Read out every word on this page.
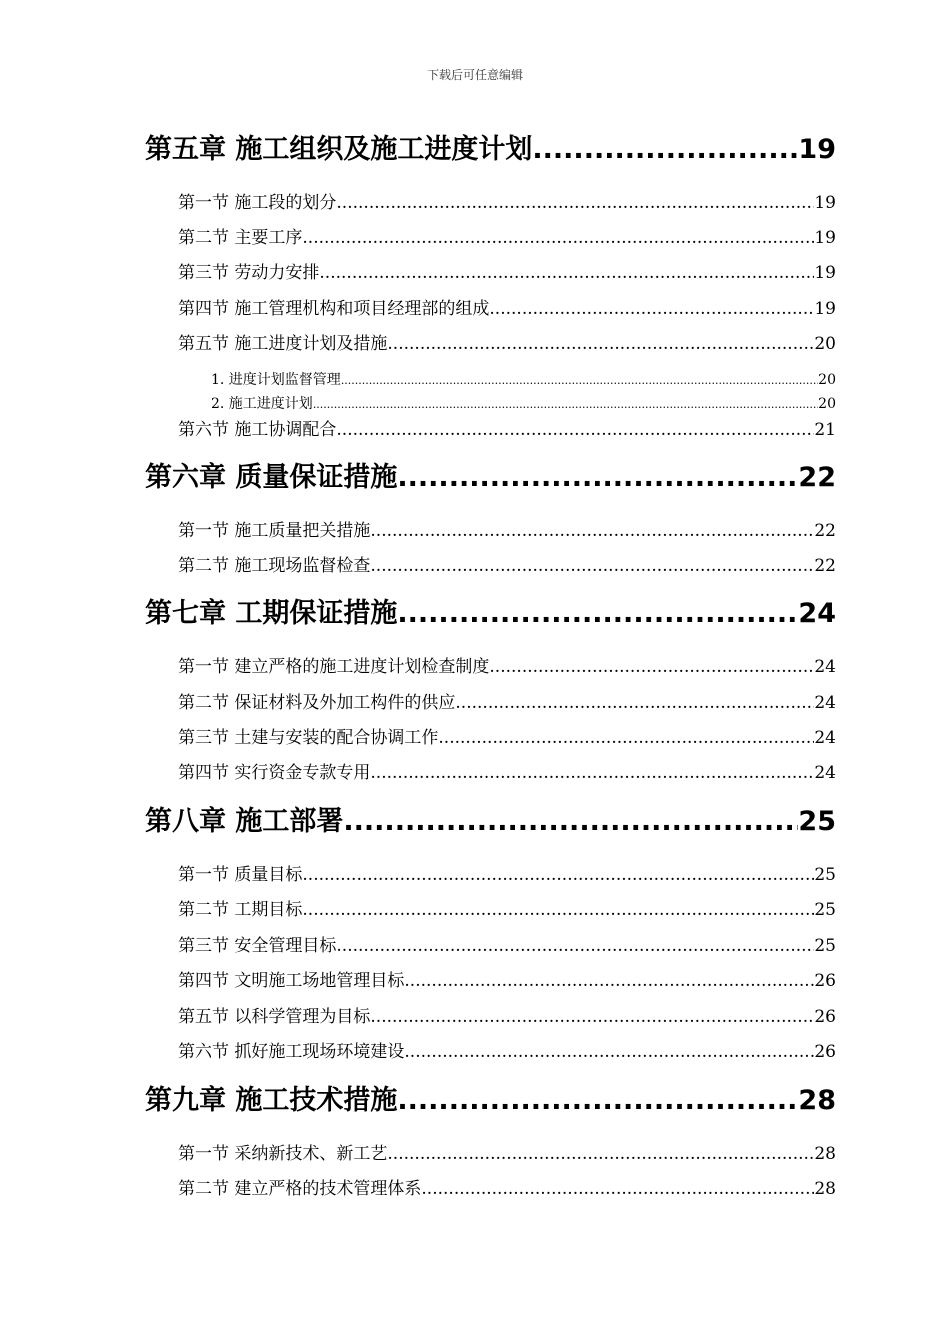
下载后可任意编辑
第五章 施工组织及施工进度计划 .....	19
第一节 施工段的划分 .....	19
第二节 主要工序 .....	19
第三节 劳动力安排 .....	19
第四节 施工管理机构和项目经理部的组成 .....	19
第五节 施工进度计划及措施 .....	20
1. 进度计划监督管理 .....	20
2. 施工进度计划 .....	20
第六节 施工协调配合 .....	21
第六章 质量保证措施 .....	22
第一节 施工质量把关措施 .....	22
第二节 施工现场监督检查 .....	22
第七章 工期保证措施 .....	24
第一节 建立严格的施工进度计划检查制度 .....	24
第二节 保证材料及外加工构件的供应 .....	24
第三节 土建与安装的配合协调工作 .....	24
第四节 实行资金专款专用 .....	24
第八章 施工部署 .....	25
第一节 质量目标 .....	25
第二节 工期目标 .....	25
第三节 安全管理目标 .....	25
第四节 文明施工场地管理目标 .....	26
第五节 以科学管理为目标 .....	26
第六节 抓好施工现场环境建设 .....	26
第九章 施工技术措施 .....	28
第一节 采纳新技术、新工艺 .....	28
第二节 建立严格的技术管理体系 .....	28
